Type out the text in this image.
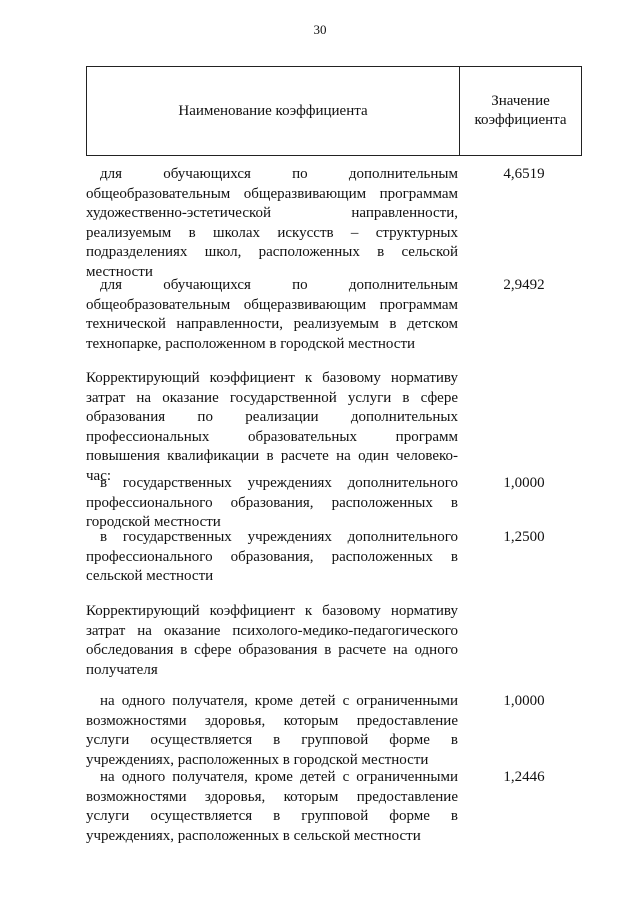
30
Наименование коэффициента
Значение
коэффициента
для обучающихся по дополнительным общеобразовательным общеразвивающим программам художественно-эстетической направленности, реализуемым в школах искусств – структурных подразделениях школ, расположенных в сельской местности
4,6519
для обучающихся по дополнительным общеобразовательным общеразвивающим программам технической направленности, реализуемым в детском технопарке, расположенном в городской местности
2,9492
Корректирующий коэффициент к базовому нормативу затрат на оказание государственной услуги в сфере образования по реализации дополнительных профессиональных образовательных программ повышения квалификации в расчете на один человеко-час:
в государственных учреждениях дополнительного профессионального образования, расположенных в городской местности
1,0000
в государственных учреждениях дополнительного профессионального образования, расположенных в сельской местности
1,2500
Корректирующий коэффициент к базовому нормативу затрат на оказание психолого-медико-педагогического обследования в сфере образования в расчете на одного получателя
на одного получателя, кроме детей с ограниченными возможностями здоровья, которым предоставление услуги осуществляется в групповой форме в учреждениях, расположенных в городской местности
1,0000
на одного получателя, кроме детей с ограниченными возможностями здоровья, которым предоставление услуги осуществляется в групповой форме в учреждениях, расположенных в сельской местности
1,2446
